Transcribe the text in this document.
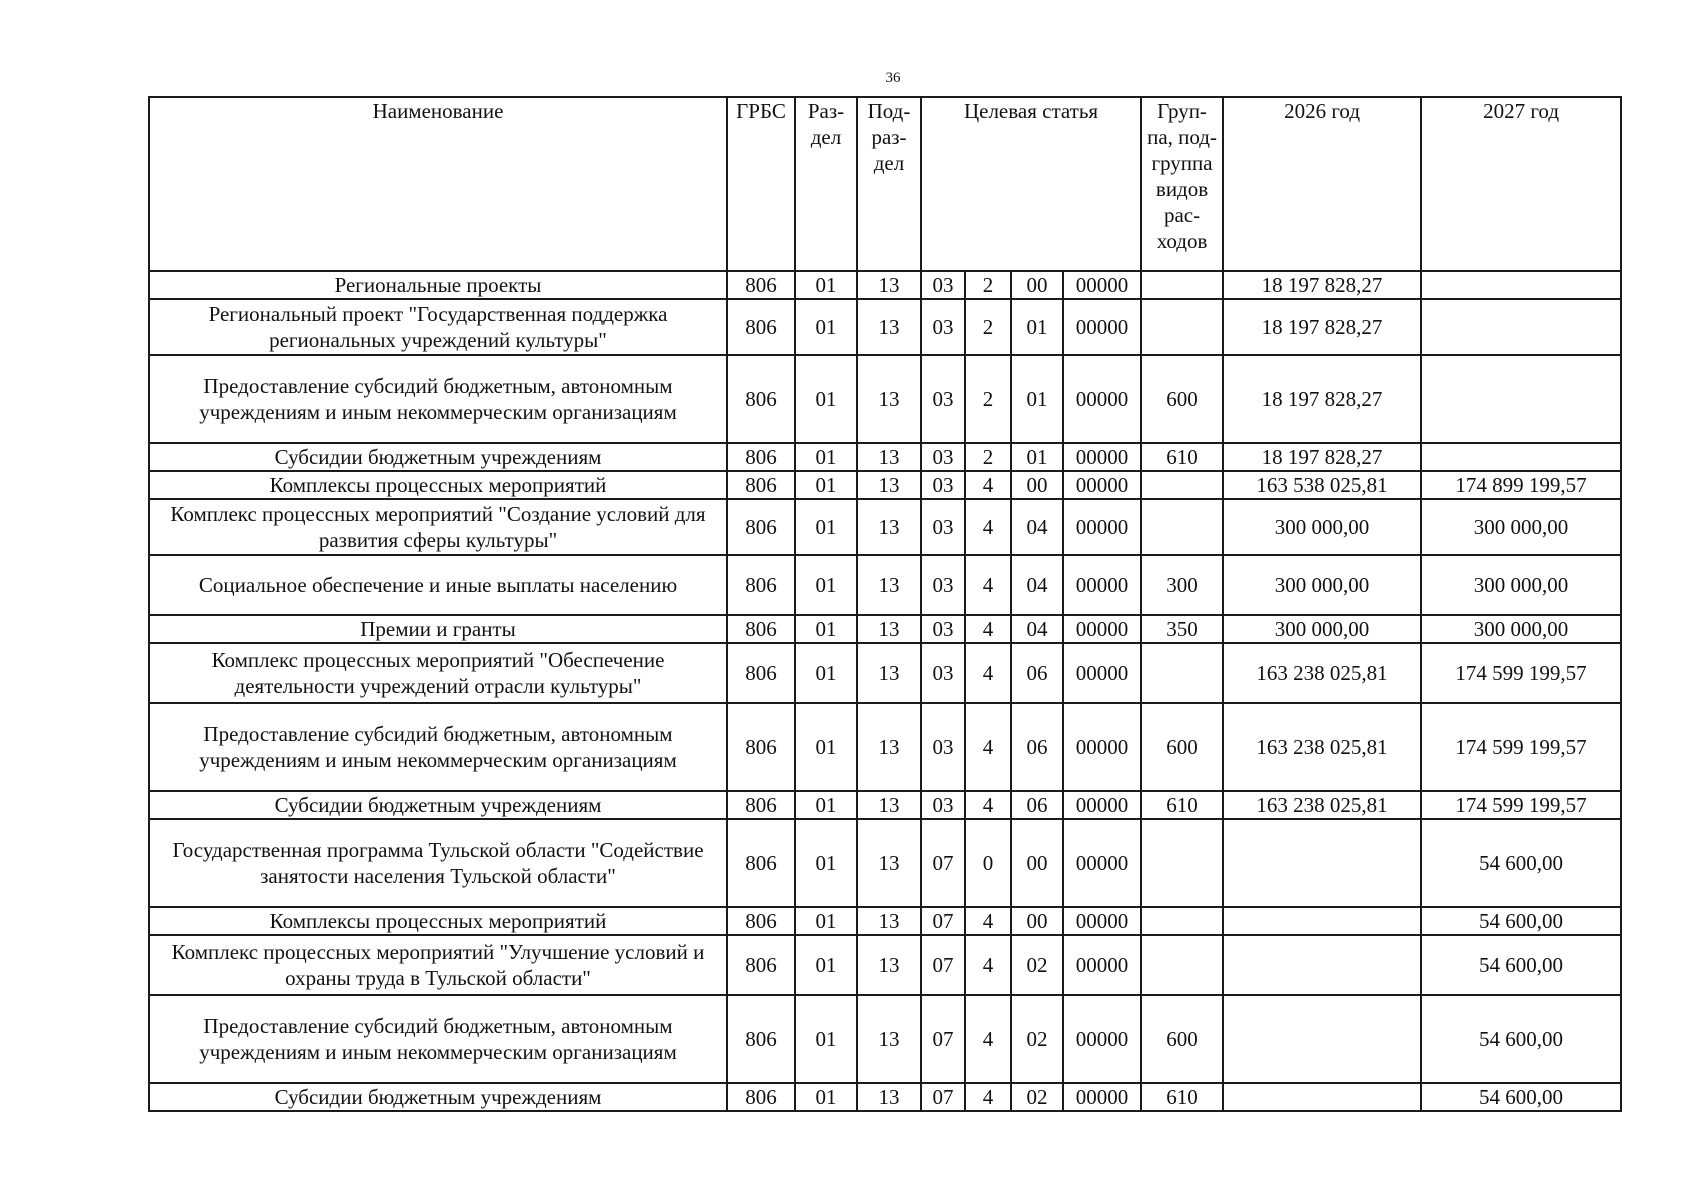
36
Наименование	ГРБС	Раз-дел	Под-раз-дел	Целевая статья				Груп-па, под-группа видов рас-ходов	2026 год	2027 год
Региональные проекты	806	01	13	03	2	00	00000		18 197 828,27	
Региональный проект "Государственная поддержка региональных учреждений культуры"	806	01	13	03	2	01	00000		18 197 828,27	
Предоставление субсидий бюджетным, автономным учреждениям и иным некоммерческим организациям	806	01	13	03	2	01	00000	600	18 197 828,27	
Субсидии бюджетным учреждениям	806	01	13	03	2	01	00000	610	18 197 828,27	
Комплексы процессных мероприятий	806	01	13	03	4	00	00000		163 538 025,81	174 899 199,57
Комплекс процессных мероприятий "Создание условий для развития сферы культуры"	806	01	13	03	4	04	00000		300 000,00	300 000,00
Социальное обеспечение и иные выплаты населению	806	01	13	03	4	04	00000	300	300 000,00	300 000,00
Премии и гранты	806	01	13	03	4	04	00000	350	300 000,00	300 000,00
Комплекс процессных мероприятий "Обеспечение деятельности учреждений отрасли культуры"	806	01	13	03	4	06	00000		163 238 025,81	174 599 199,57
Предоставление субсидий бюджетным, автономным учреждениям и иным некоммерческим организациям	806	01	13	03	4	06	00000	600	163 238 025,81	174 599 199,57
Субсидии бюджетным учреждениям	806	01	13	03	4	06	00000	610	163 238 025,81	174 599 199,57
Государственная программа Тульской области "Содействие занятости населения Тульской области"	806	01	13	07	0	00	00000			54 600,00
Комплексы процессных мероприятий	806	01	13	07	4	00	00000			54 600,00
Комплекс процессных мероприятий "Улучшение условий и охраны труда в Тульской области"	806	01	13	07	4	02	00000			54 600,00
Предоставление субсидий бюджетным, автономным учреждениям и иным некоммерческим организациям	806	01	13	07	4	02	00000	600		54 600,00
Субсидии бюджетным учреждениям	806	01	13	07	4	02	00000	610		54 600,00
